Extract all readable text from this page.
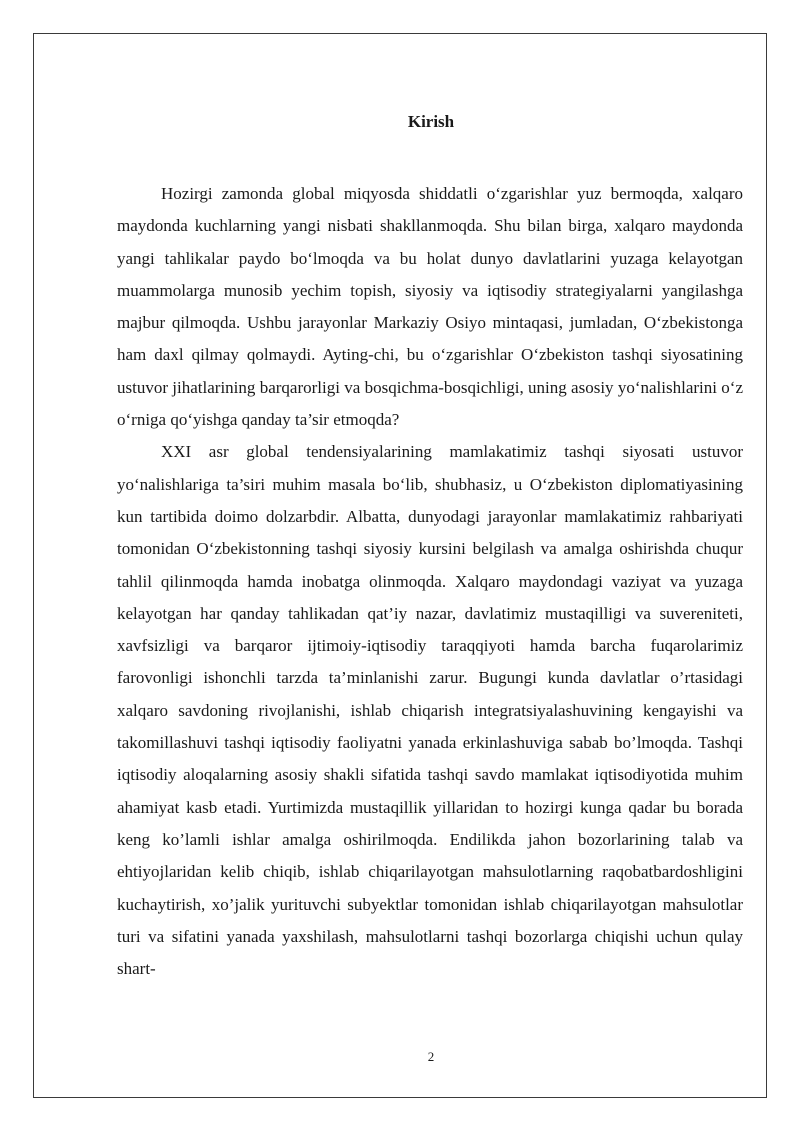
Kirish

Hozirgi zamonda global miqyosda shiddatli o‘zgarishlar yuz bermoqda, xalqaro maydonda kuchlarning yangi nisbati shakllanmoqda. Shu bilan birga, xalqaro maydonda yangi tahlikalar paydo bo‘lmoqda va bu holat dunyo davlatlarini yuzaga kelayotgan muammolarga munosib yechim topish, siyosiy va iqtisodiy strategiyalarni yangilashga majbur qilmoqda. Ushbu jarayonlar Markaziy Osiyo mintaqasi, jumladan, O‘zbekistonga ham daxl qilmay qolmaydi. Ayting-chi, bu o‘zgarishlar O‘zbekiston tashqi siyosatining ustuvor jihatlarining barqarorligi va bosqichma-bosqichligi, uning asosiy yo‘nalishlarini o‘z o‘rniga qo‘yishga qanday ta’sir etmoqda?

XXI asr global tendensiyalarining mamlakatimiz tashqi siyosati ustuvor yo‘nalishlariga ta’siri muhim masala bo‘lib, shubhasiz, u O‘zbekiston diplomatiyasining kun tartibida doimo dolzarbdir. Albatta, dunyodagi jarayonlar mamlakatimiz rahbariyati tomonidan O‘zbekistonning tashqi siyosiy kursini belgilash va amalga oshirishda chuqur tahlil qilinmoqda hamda inobatga olinmoqda. Xalqaro maydondagi vaziyat va yuzaga kelayotgan har qanday tahlikadan qat’iy nazar, davlatimiz mustaqilligi va suvereniteti, xavfsizligi va barqaror ijtimoiy-iqtisodiy taraqqiyoti hamda barcha fuqarolarimiz farovonligi ishonchli tarzda ta’minlanishi zarur. Bugungi kunda davlatlar o’rtasidagi xalqaro savdoning rivojlanishi, ishlab chiqarish integratsiyalashuvining kengayishi va takomillashuvi tashqi iqtisodiy faoliyatni yanada erkinlashuviga sabab bo’lmoqda. Tashqi iqtisodiy aloqalarning asosiy shakli sifatida tashqi savdo mamlakat iqtisodiyotida muhim ahamiyat kasb etadi. Yurtimizda mustaqillik yillaridan to hozirgi kunga qadar bu borada keng ko’lamli ishlar amalga oshirilmoqda. Endilikda jahon bozorlarining talab va ehtiyojlaridan kelib chiqib, ishlab chiqarilayotgan mahsulotlarning raqobatbardoshligini kuchaytirish, xo’jalik yurituvchi subyektlar tomonidan ishlab chiqarilayotgan mahsulotlar turi va sifatini yanada yaxshilash, mahsulotlarni tashqi bozorlarga chiqishi uchun qulay shart-

2
